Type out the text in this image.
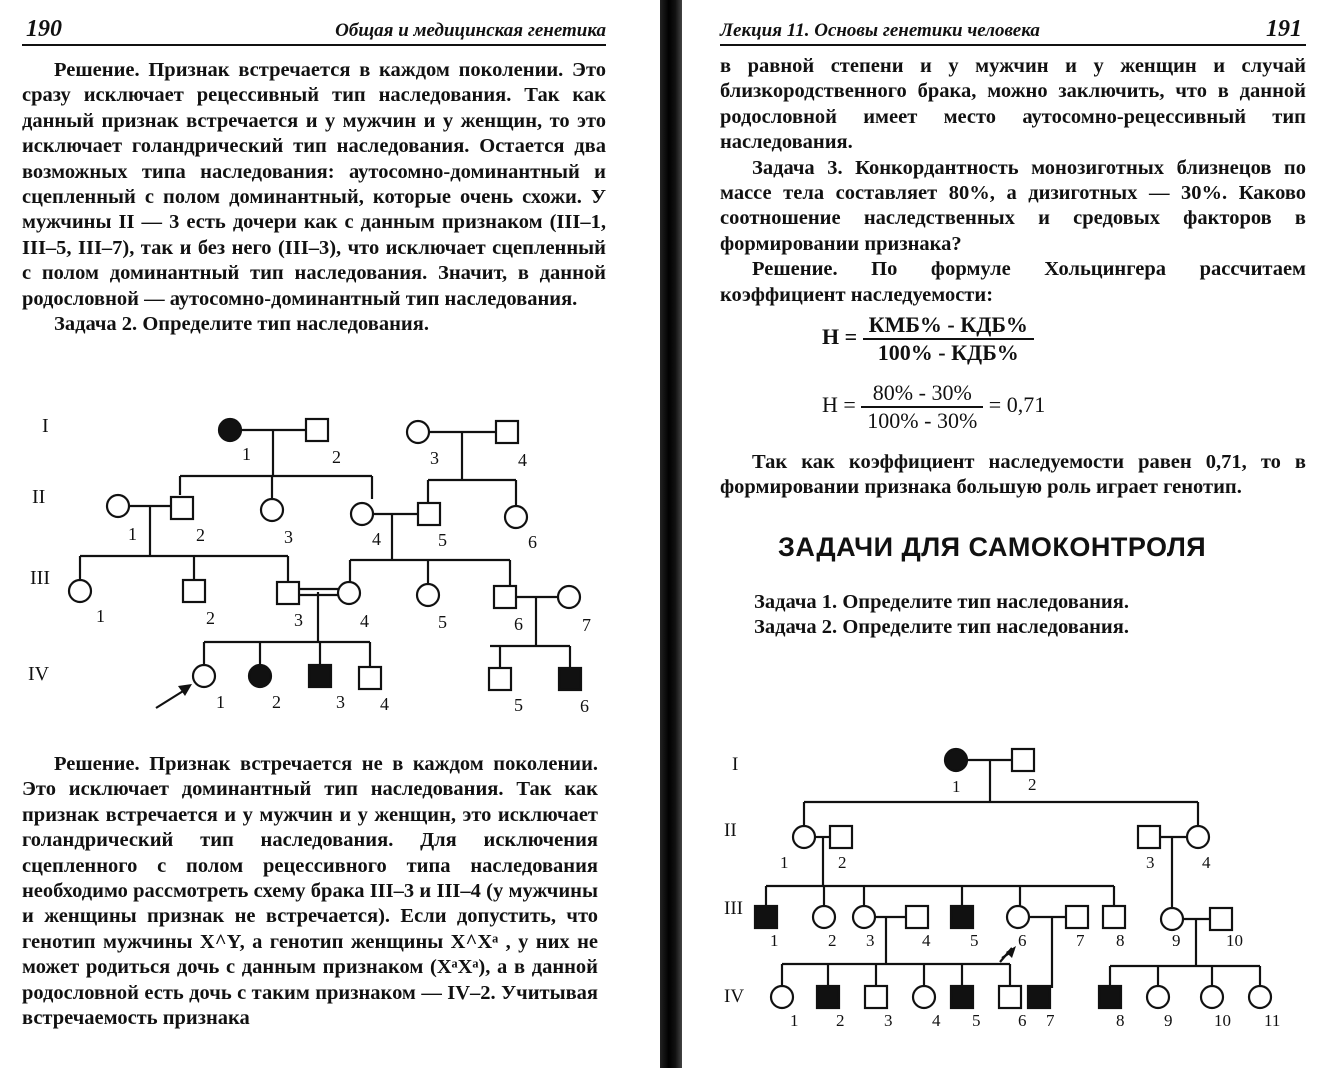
190	Общая и медицинская генетика

Решение. Признак встречается в каждом поколении. Это сразу исключает рецессивный тип наследования. Так как данный признак встречается и у мужчин и у женщин, то это исключает голандрический тип наследования. Остается два возможных типа наследования: аутосомно-доминантный и сцепленный с полом доминантный, которые очень схожи. У мужчины II — 3 есть дочери как с данным признаком (III–1, III–5, III–7), так и без него (III–3), что исключает сцепленный с полом доминантный тип наследования. Значит, в данной родословной — аутосомно-доминантный тип наследования.

Задача 2. Определите тип наследования.

I
II
III
IV
1	2	3	4
1	2	3	4	5	6
1	2	3	4	5	6	7
1	2	3 4	5	6

Решение. Признак встречается не в каждом поколении. Это исключает доминантный тип наследования. Так как признак встречается и у мужчин и у женщин, это исключает голандрический тип наследования. Для исключения сцепленного с полом рецессивного типа наследования необходимо рассмотреть схему брака III–3 и III–4 (у мужчины и женщины признак не встречается). Если допустить, что генотип мужчины X^Y, а генотип женщины X^Xᵃ , у них не может родиться дочь с данным признаком (XᵃXᵃ), а в данной родословной есть дочь с таким признаком — IV–2. Учитывая встречаемость признака

Лекция 11. Основы генетики человека	191

в равной степени и у мужчин и у женщин и случай близкородственного брака, можно заключить, что в данной родословной имеет место аутосомно-рецессивный тип наследования.

Задача 3. Конкордантность монозиготных близнецов по массе тела составляет 80%, а дизиготных — 30%. Каково соотношение наследственных и средовых факторов в формировании признака?

Решение. По формуле Хольцингера рассчитаем коэффициент наследуемости:

$Н = \frac{\text{КМБ\% - КДБ\%}}{\text{100\% - КДБ\%}}$
$Н = \frac{80\% - 30\%}{100\% - 30\%} = 0,71$

Так как коэффициент наследуемости равен 0,71, то в формировании признака большую роль играет генотип.

ЗАДАЧИ ДЛЯ САМОКОНТРОЛЯ

Задача 1. Определите тип наследования.

Задача 2. Определите тип наследования.

I
II
III
IV
1	2
1	2	3	4
1	2 3	4 5 6	7 8	9	10
1 2 3 4 5 6 7	8 9 10 11
